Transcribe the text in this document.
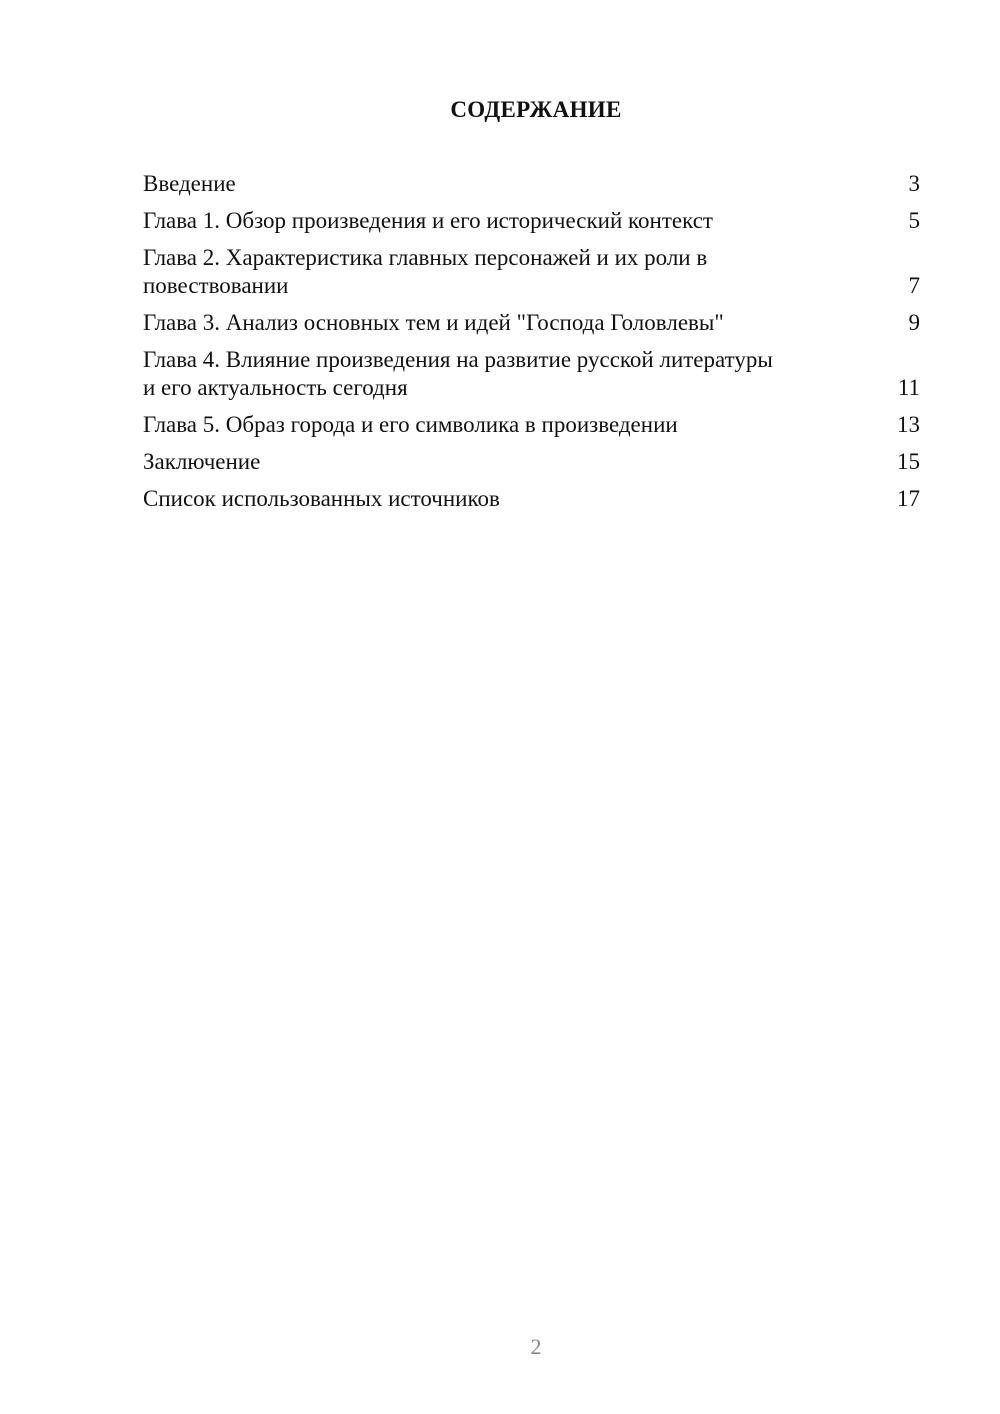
СОДЕРЖАНИЕ
Введение	3
Глава 1. Обзор произведения и его исторический контекст	5
Глава 2. Характеристика главных персонажей и их роли в повествовании	7
Глава 3. Анализ основных тем и идей "Господа Головлевы"	9
Глава 4. Влияние произведения на развитие русской литературы и его актуальность сегодня	11
Глава 5. Образ города и его символика в произведении	13
Заключение	15
Список использованных источников	17
2
